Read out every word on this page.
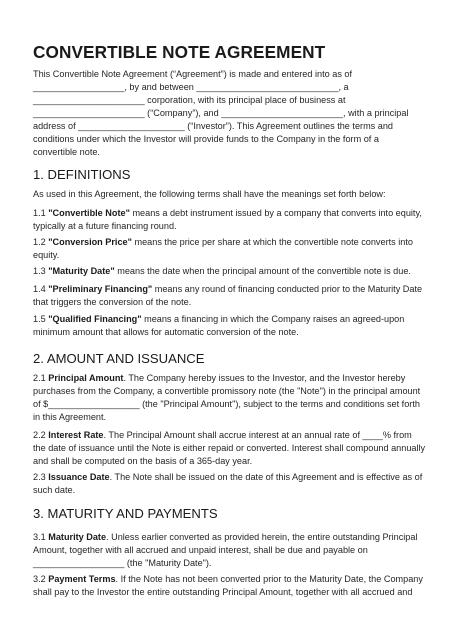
CONVERTIBLE NOTE AGREEMENT

This Convertible Note Agreement (“Agreement”) is made and entered into as of

__________________, by and between ____________________________, a

______________________ corporation, with its principal place of business at

______________________ (“Company”), and ________________________, with a principal

address of _____________________ (“Investor”). This Agreement outlines the terms and

conditions under which the Investor will provide funds to the Company in the form of a

convertible note.

1. DEFINITIONS

As used in this Agreement, the following terms shall have the meanings set forth below:

1.1 "Convertible Note" means a debt instrument issued by a company that converts into equity,

typically at a future financing round.

1.2 "Conversion Price" means the price per share at which the convertible note converts into

equity.

1.3 "Maturity Date" means the date when the principal amount of the convertible note is due.

1.4 "Preliminary Financing" means any round of financing conducted prior to the Maturity Date

that triggers the conversion of the note.

1.5 "Qualified Financing" means a financing in which the Company raises an agreed-upon

minimum amount that allows for automatic conversion of the note.

2. AMOUNT AND ISSUANCE

2.1 Principal Amount. The Company hereby issues to the Investor, and the Investor hereby

purchases from the Company, a convertible promissory note (the "Note") in the principal amount

of $__________________ (the "Principal Amount"), subject to the terms and conditions set forth

in this Agreement.

2.2 Interest Rate. The Principal Amount shall accrue interest at an annual rate of ____% from

the date of issuance until the Note is either repaid or converted. Interest shall compound annually

and shall be computed on the basis of a 365-day year.

2.3 Issuance Date. The Note shall be issued on the date of this Agreement and is effective as of

such date.

3. MATURITY AND PAYMENTS

3.1 Maturity Date. Unless earlier converted as provided herein, the entire outstanding Principal

Amount, together with all accrued and unpaid interest, shall be due and payable on

__________________ (the "Maturity Date").

3.2 Payment Terms. If the Note has not been converted prior to the Maturity Date, the Company

shall pay to the Investor the entire outstanding Principal Amount, together with all accrued and
